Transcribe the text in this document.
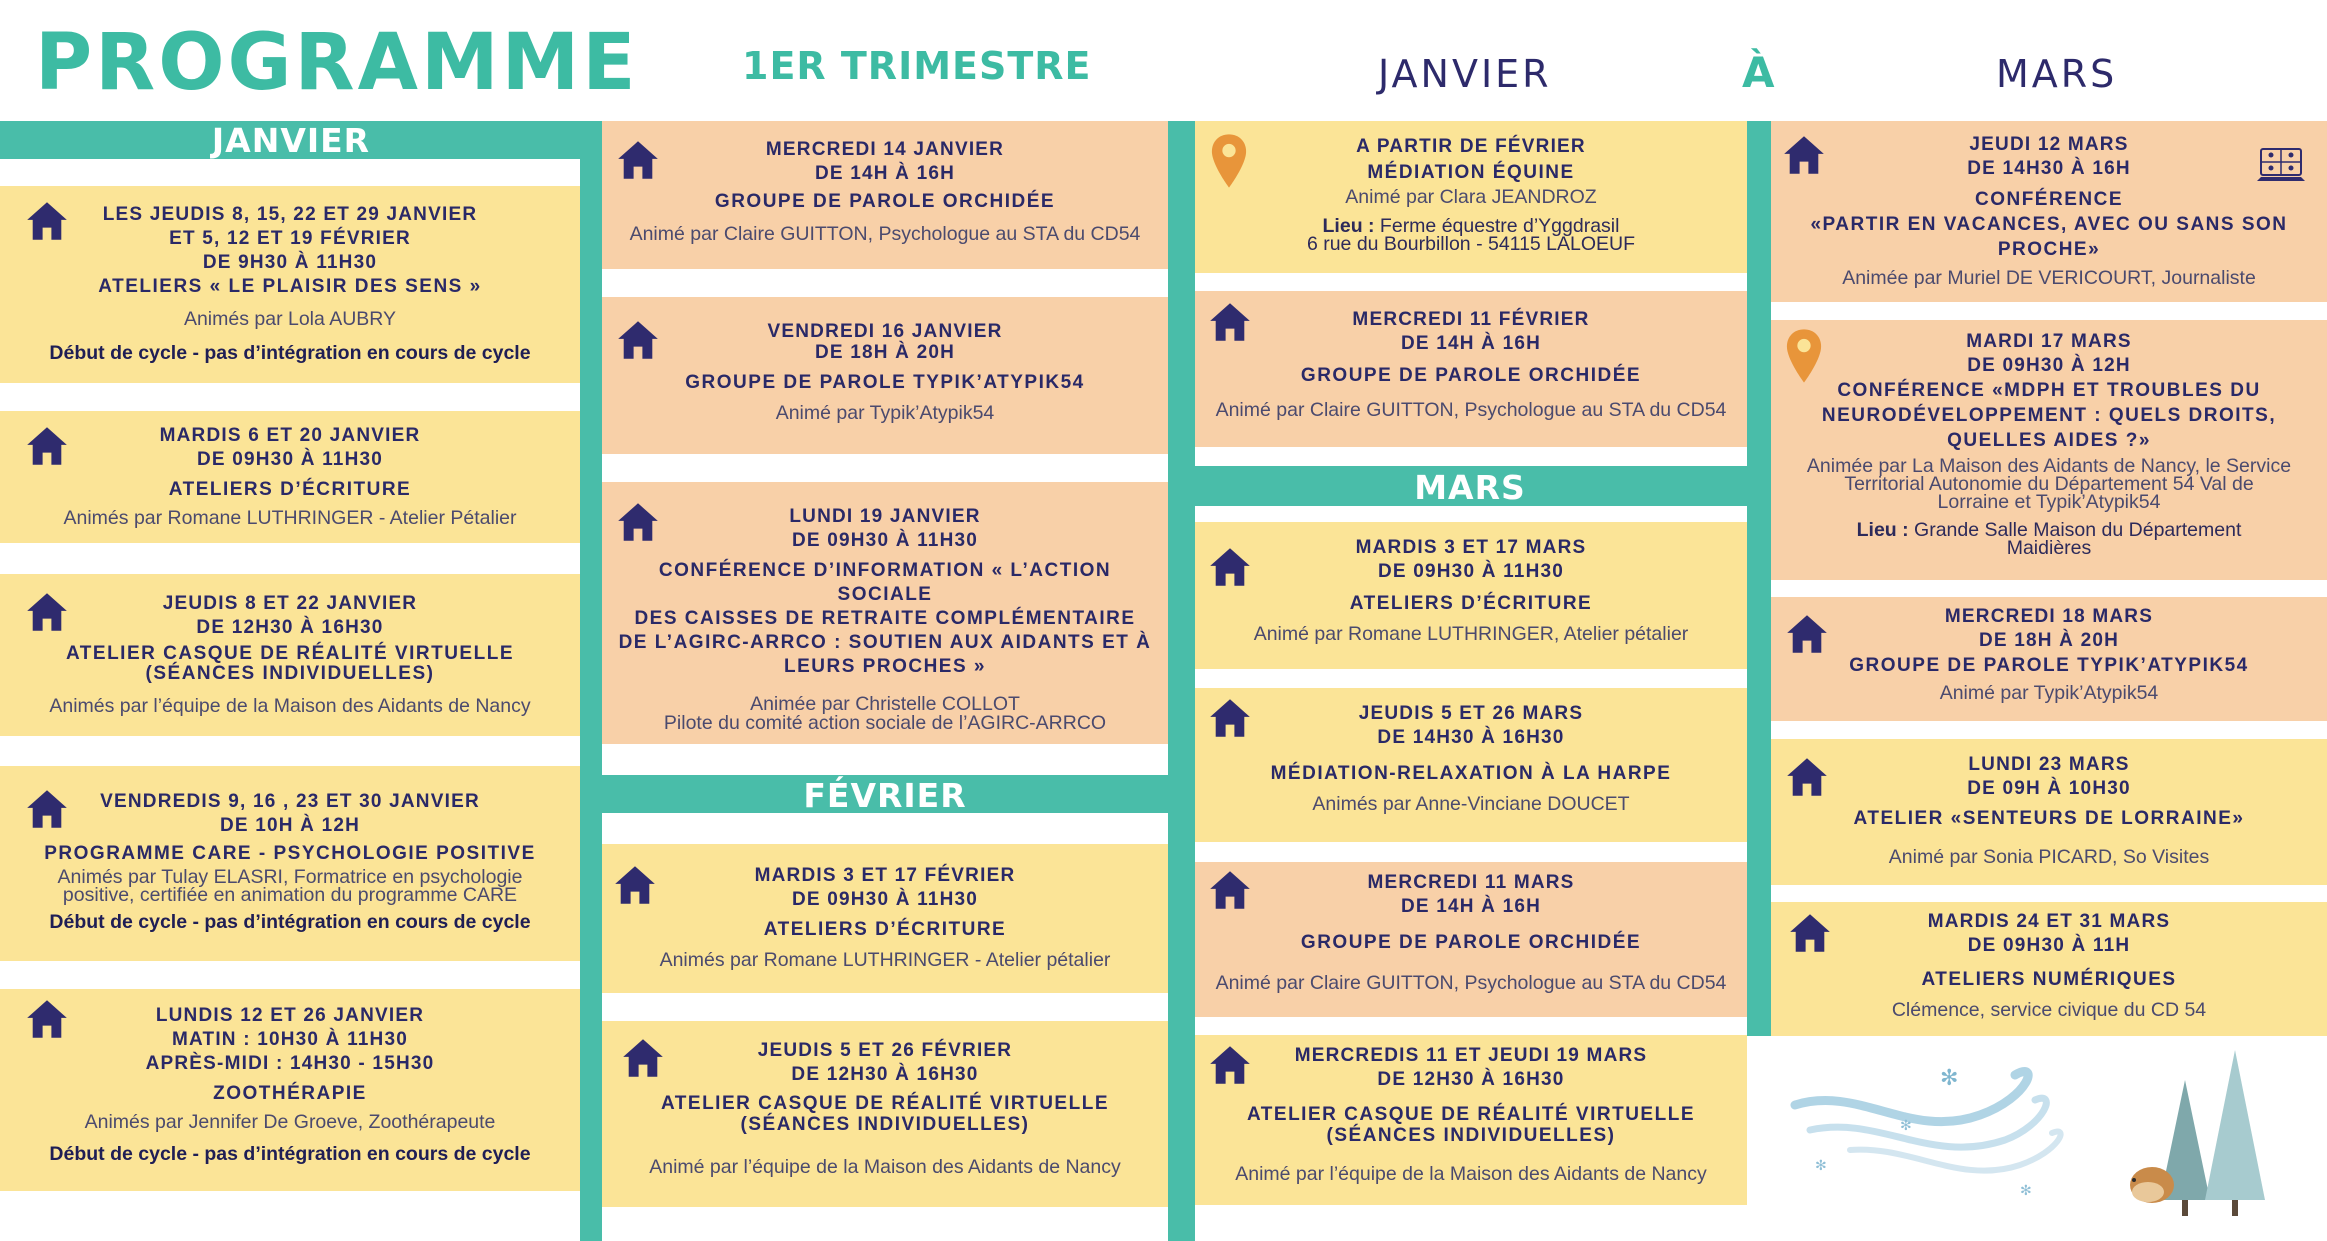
PROGRAMME	1ER TRIMESTRE	JANVIER	À	MARS
JANVIER
FÉVRIER
MARS
LES JEUDIS 8, 15, 22 ET 29 JANVIER
ET 5, 12 ET 19 FÉVRIER
DE 9H30 À 11H30
ATELIERS « LE PLAISIR DES SENS »
Animés par Lola AUBRY
Début de cycle - pas d’intégration en cours de cycle
MARDIS 6 ET 20 JANVIER
DE 09H30 À 11H30
ATELIERS D’ÉCRITURE
Animés par Romane LUTHRINGER - Atelier Pétalier
JEUDIS 8 ET 22 JANVIER
DE 12H30 À 16H30
ATELIER CASQUE DE RÉALITÉ VIRTUELLE
(SÉANCES INDIVIDUELLES)
Animés par l’équipe de la Maison des Aidants de Nancy
VENDREDIS 9, 16 , 23 ET 30 JANVIER
DE 10H À 12H
PROGRAMME CARE - PSYCHOLOGIE POSITIVE
Animés par Tulay ELASRI, Formatrice en psychologie
positive, certifiée en animation du programme CARE
Début de cycle - pas d’intégration en cours de cycle
LUNDIS 12 ET 26 JANVIER
MATIN : 10H30 À 11H30
APRÈS-MIDI : 14H30 - 15H30
ZOOTHÉRAPIE
Animés par Jennifer De Groeve, Zoothérapeute
Début de cycle - pas d’intégration en cours de cycle
MERCREDI 14 JANVIER
DE 14H À 16H
GROUPE DE PAROLE ORCHIDÉE
Animé par Claire GUITTON, Psychologue au STA du CD54
VENDREDI 16 JANVIER
DE 18H À 20H
GROUPE DE PAROLE TYPIK’ATYPIK54
Animé par Typik’Atypik54
LUNDI 19 JANVIER
DE 09H30 À 11H30
CONFÉRENCE D’INFORMATION « L’ACTION SOCIALE
DES CAISSES DE RETRAITE COMPLÉMENTAIRE
DE L’AGIRC-ARRCO : SOUTIEN AUX AIDANTS ET À
LEURS PROCHES »
Animée par Christelle COLLOT
Pilote du comité action sociale de l’AGIRC-ARRCO
MARDIS 3 ET 17 FÉVRIER
DE 09H30 À 11H30
ATELIERS D’ÉCRITURE
Animés par Romane LUTHRINGER - Atelier pétalier
JEUDIS 5 ET 26 FÉVRIER
DE 12H30 À 16H30
ATELIER CASQUE DE RÉALITÉ VIRTUELLE
(SÉANCES INDIVIDUELLES)
Animé par l’équipe de la Maison des Aidants de Nancy
A PARTIR DE FÉVRIER
MÉDIATION ÉQUINE
Animé par Clara JEANDROZ
Lieu : Ferme équestre d’Yggdrasil
6 rue du Bourbillon - 54115 LALOEUF
MERCREDI 11 FÉVRIER
DE 14H À 16H
GROUPE DE PAROLE ORCHIDÉE
Animé par Claire GUITTON, Psychologue au STA du CD54
MARDIS 3 ET 17 MARS
DE 09H30 À 11H30
ATELIERS D’ÉCRITURE
Animé par Romane LUTHRINGER, Atelier pétalier
JEUDIS 5 ET 26 MARS
DE 14H30 À 16H30
MÉDIATION-RELAXATION À LA HARPE
Animés par Anne-Vinciane DOUCET
MERCREDI 11 MARS
DE 14H À 16H
GROUPE DE PAROLE ORCHIDÉE
Animé par Claire GUITTON, Psychologue au STA du CD54
MERCREDIS 11 ET JEUDI 19 MARS
DE 12H30 À 16H30
ATELIER CASQUE DE RÉALITÉ VIRTUELLE
(SÉANCES INDIVIDUELLES)
Animé par l’équipe de la Maison des Aidants de Nancy
JEUDI 12 MARS
DE 14H30 À 16H
CONFÉRENCE
«PARTIR EN VACANCES, AVEC OU SANS SON
PROCHE»
Animée par Muriel DE VERICOURT, Journaliste
MARDI 17 MARS
DE 09H30 À 12H
CONFÉRENCE «MDPH ET TROUBLES DU
NEURODÉVELOPPEMENT : QUELS DROITS,
QUELLES AIDES ?»
Animée par La Maison des Aidants de Nancy, le Service
Territorial Autonomie du Département 54 Val de
Lorraine et Typik’Atypik54
Lieu : Grande Salle Maison du Département
Maidières
MERCREDI 18 MARS
DE 18H À 20H
GROUPE DE PAROLE TYPIK’ATYPIK54
Animé par Typik’Atypik54
LUNDI 23 MARS
DE 09H À 10H30
ATELIER «SENTEURS DE LORRAINE»
Animé par Sonia PICARD, So Visites
MARDIS 24 ET 31 MARS
DE 09H30 À 11H
ATELIERS NUMÉRIQUES
Clémence, service civique du CD 54
✻
✻
✻
✻
